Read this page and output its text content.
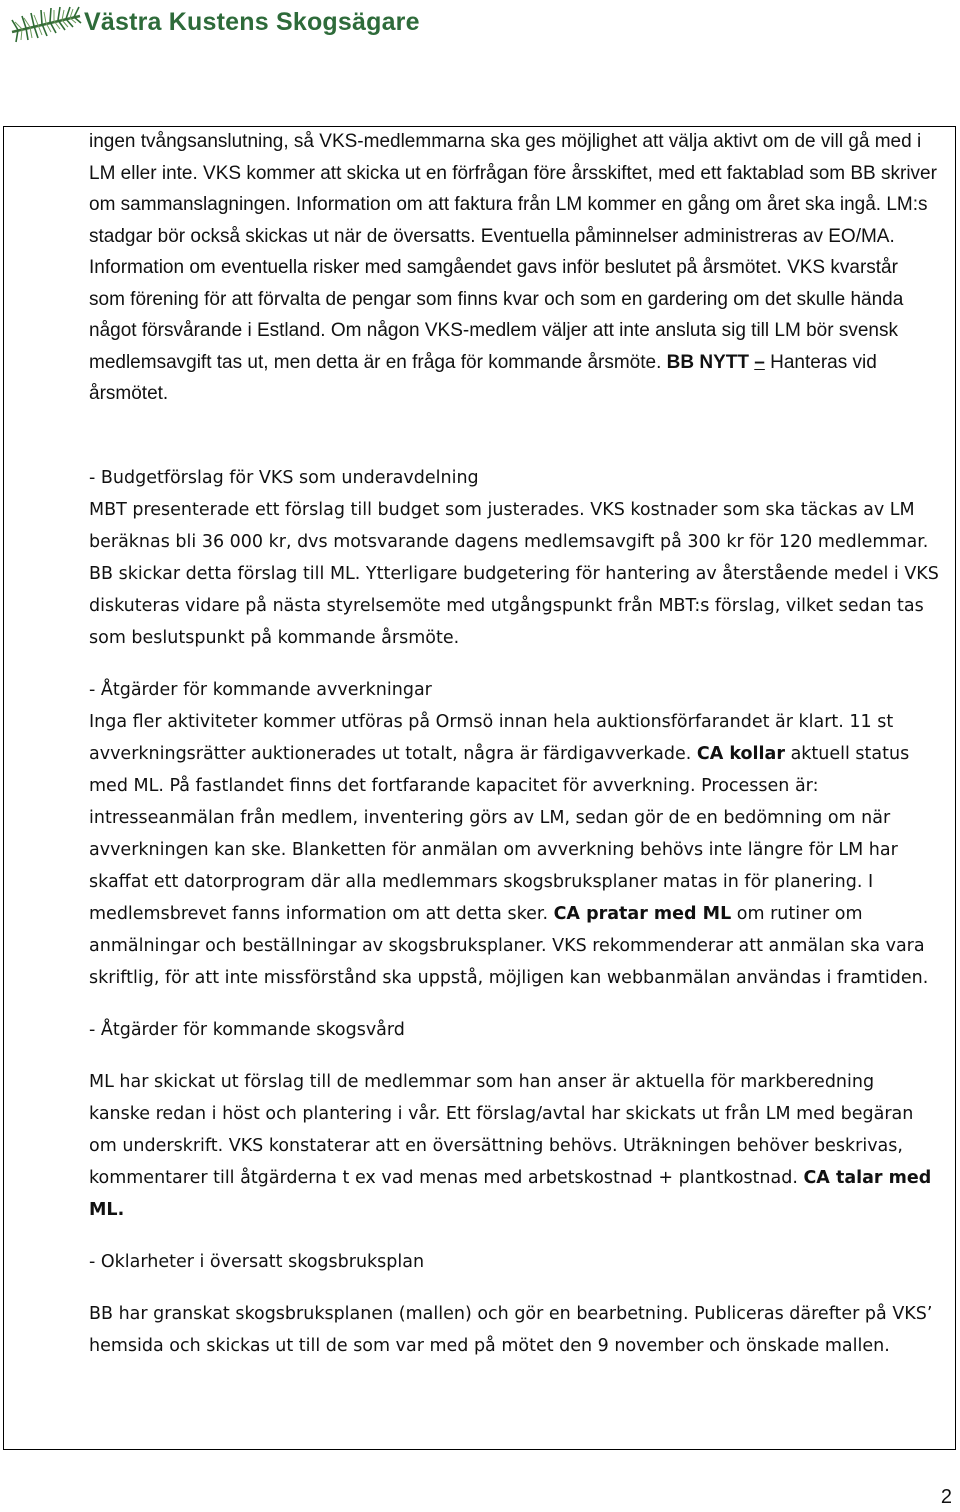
Västra Kustens Skogsägare

ingen tvångsanslutning, så VKS-medlemmarna ska ges möjlighet att välja aktivt om de vill gå med i LM eller inte. VKS kommer att skicka ut en förfrågan före årsskiftet, med ett faktablad som BB skriver om sammanslagningen. Information om att faktura från LM kommer en gång om året ska ingå. LM:s stadgar bör också skickas ut när de översatts. Eventuella påminnelser administreras av EO/MA. Information om eventuella risker med samgåendet gavs inför beslutet på årsmötet. VKS kvarstår som förening för att förvalta de pengar som finns kvar och som en gardering om det skulle hända något försvårande i Estland. Om någon VKS-medlem väljer att inte ansluta sig till LM bör svensk medlemsavgift tas ut, men detta är en fråga för kommande årsmöte. BB NYTT – Hanteras vid årsmötet.

- Budgetförslag för VKS som underavdelning

MBT presenterade ett förslag till budget som justerades. VKS kostnader som ska täckas av LM beräknas bli 36 000 kr, dvs motsvarande dagens medlemsavgift på 300 kr för 120 medlemmar. BB skickar detta förslag till ML. Ytterligare budgetering för hantering av återstående medel i VKS diskuteras vidare på nästa styrelsemöte med utgångspunkt från MBT:s förslag, vilket sedan tas som beslutspunkt på kommande årsmöte.

- Åtgärder för kommande avverkningar

Inga fler aktiviteter kommer utföras på Ormsö innan hela auktionsförfarandet är klart. 11 st avverkningsrätter auktionerades ut totalt, några är färdigavverkade. CA kollar aktuell status med ML. På fastlandet finns det fortfarande kapacitet för avverkning. Processen är: intresseanmälan från medlem, inventering görs av LM, sedan gör de en bedömning om när avverkningen kan ske. Blanketten för anmälan om avverkning behövs inte längre för LM har skaffat ett datorprogram där alla medlemmars skogsbruksplaner matas in för planering. I medlemsbrevet fanns information om att detta sker. CA pratar med ML om rutiner om anmälningar och beställningar av skogsbruksplaner. VKS rekommenderar att anmälan ska vara skriftlig, för att inte missförstånd ska uppstå, möjligen kan webbanmälan användas i framtiden.

- Åtgärder för kommande skogsvård

ML har skickat ut förslag till de medlemmar som han anser är aktuella för markberedning kanske redan i höst och plantering i vår. Ett förslag/avtal har skickats ut från LM med begäran om underskrift. VKS konstaterar att en översättning behövs. Uträkningen behöver beskrivas, kommentarer till åtgärderna t ex vad menas med arbetskostnad + plantkostnad. CA talar med ML.

- Oklarheter i översatt skogsbruksplan

BB har granskat skogsbruksplanen (mallen) och gör en bearbetning. Publiceras därefter på VKS’ hemsida och skickas ut till de som var med på mötet den 9 november och önskade mallen.

2
